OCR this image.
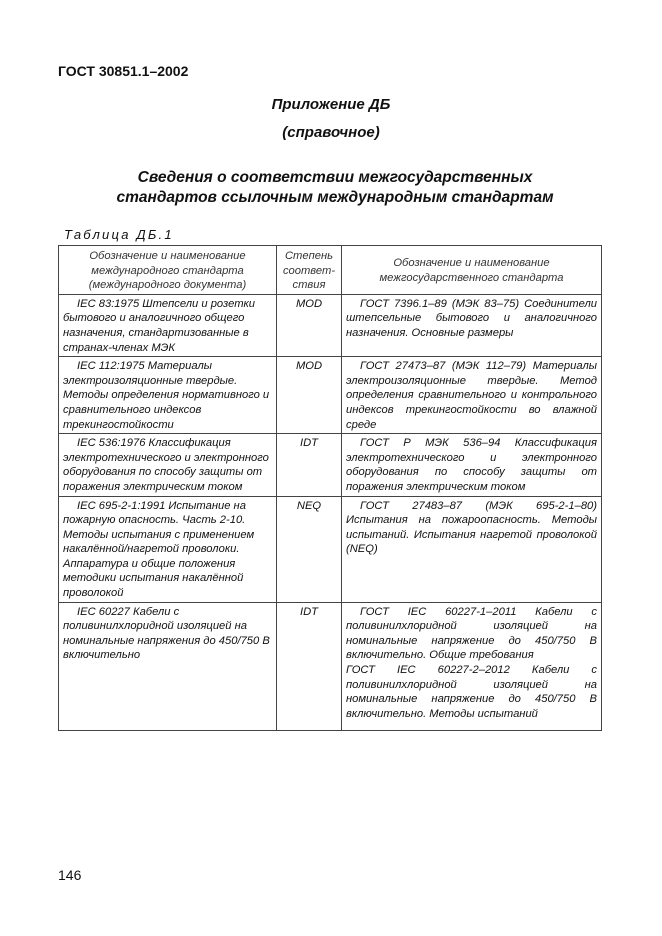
ГОСТ 30851.1–2002
Приложение ДБ
(справочное)
Сведения о соответствии межгосударственных
стандартов ссылочным международным стандартам
Таблица ДБ.1
Обозначение и наименование международного стандарта (международного документа)	Степень соответ-ствия	Обозначение и наименование межгосударственного стандарта
IEC 83:1975 Штепсели и розетки бытового и аналогичного общего назначения, стандартизованные в странах-членах МЭК	MOD	ГОСТ 7396.1–89 (МЭК 83–75) Соединители штепсельные бытового и аналогичного назначения. Основные размеры
IEC 112:1975 Материалы электроизоляционные твердые. Методы определения нормативного и сравнительного индексов трекингостойкости	MOD	ГОСТ 27473–87 (МЭК 112–79) Материалы электроизоляционные твердые. Метод определения сравнительного и контрольного индексов трекингостойкости во влажной среде
IEC 536:1976 Классификация электротехнического и электронного оборудования по способу защиты от поражения электрическим током	IDT	ГОСТ Р МЭК 536–94 Классификация электротехнического и электронного оборудования по способу защиты от поражения электрическим током
IEC 695-2-1:1991 Испытание на пожарную опасность. Часть 2-10. Методы испытания с применением накалённой/нагретой проволоки. Аппаратура и общие положения методики испытания накалённой проволокой	NEQ	ГОСТ 27483–87 (МЭК 695-2-1–80) Испытания на пожароопасность. Методы испытаний. Испытания нагретой проволокой (NEQ)
IEC 60227 Кабели с поливинилхлоридной изоляцией на номинальные напряжения до 450/750 В включительно	IDT	ГОСТ IEC 60227-1–2011 Кабели с поливинилхлоридной изоляцией на номинальные напряжение до 450/750 В включительно. Общие требования
ГОСТ IEC 60227-2–2012 Кабели с поливинилхлоридной изоляцией на номинальные напряжение до 450/750 В включительно. Методы испытаний
146
